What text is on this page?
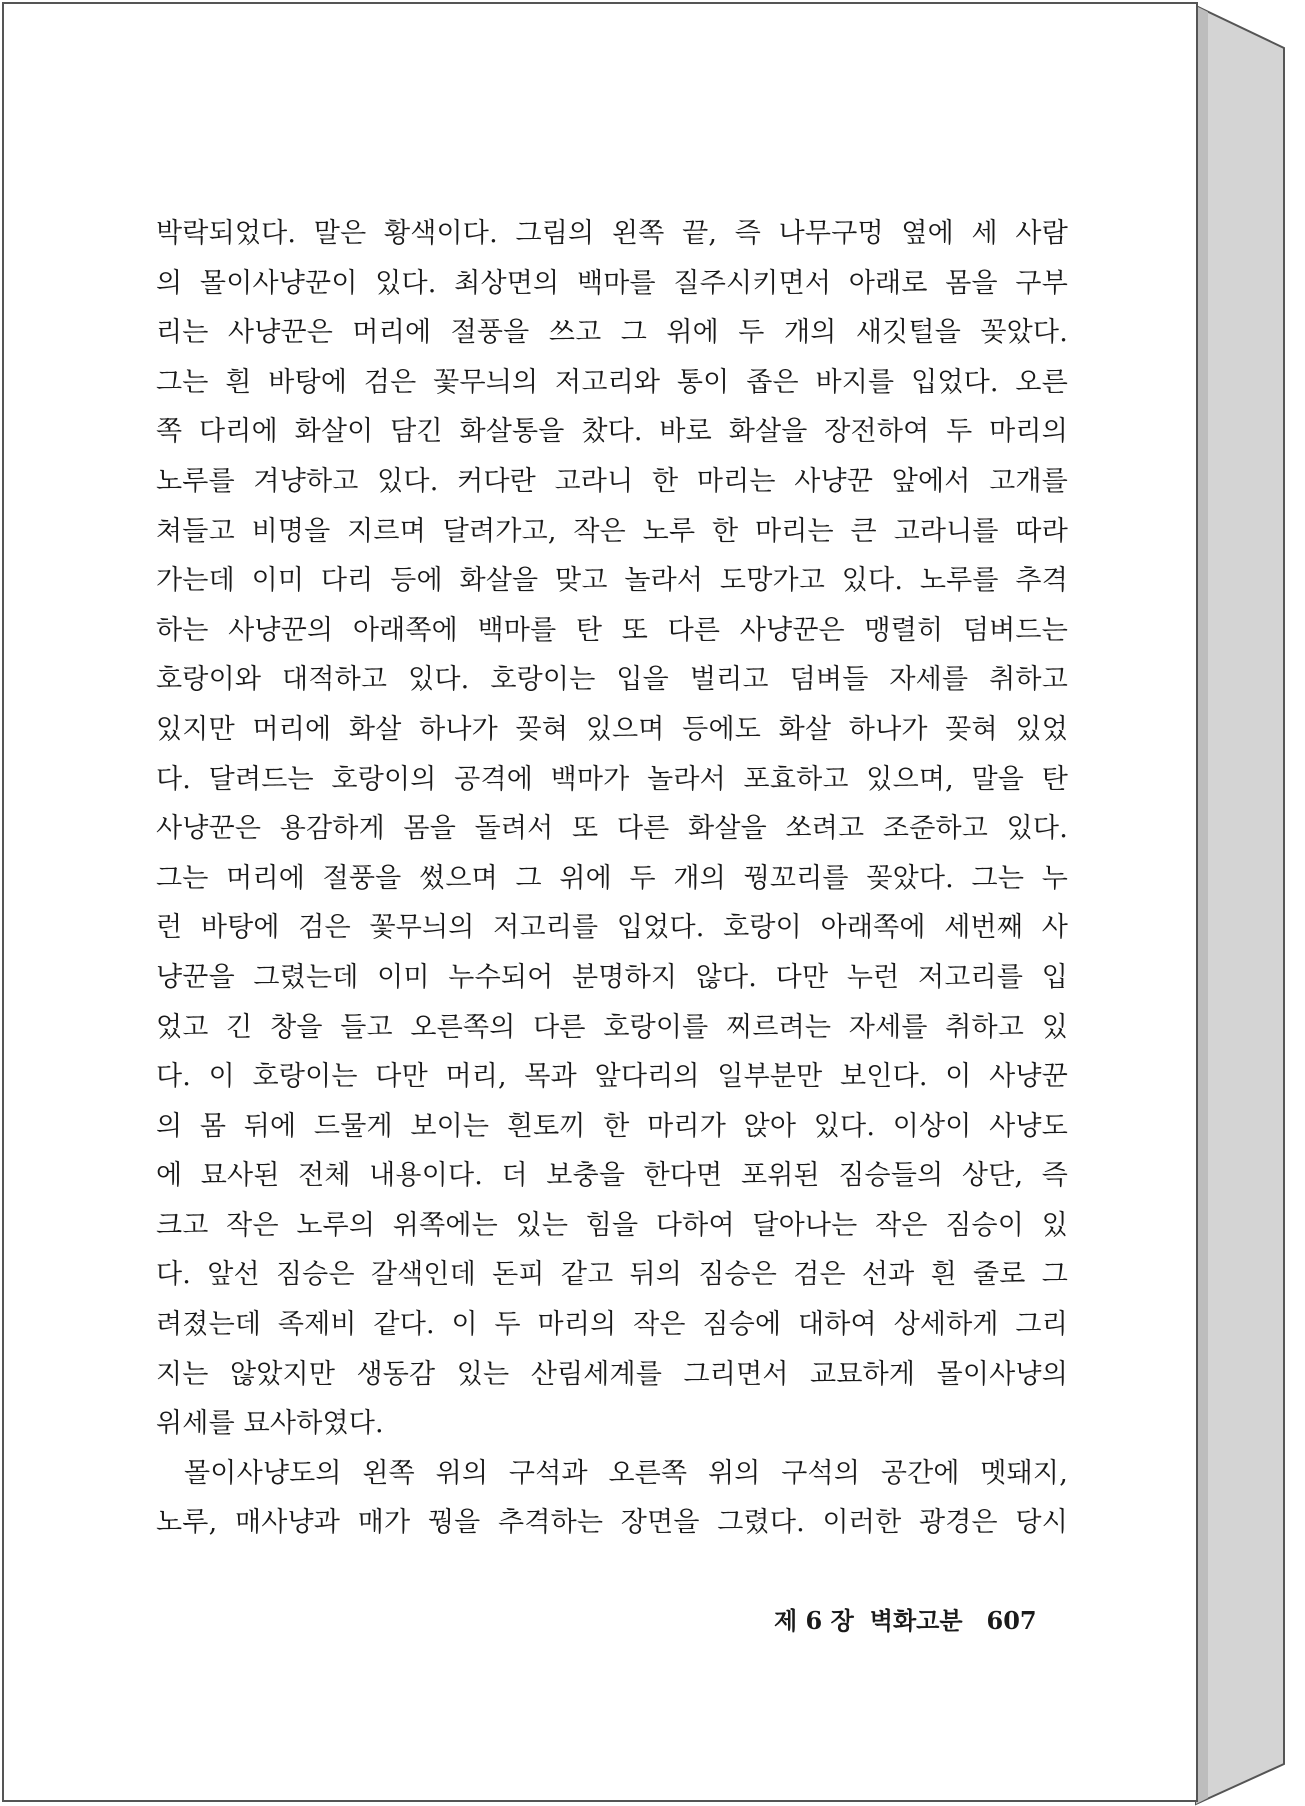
박락되었다. 말은 황색이다. 그림의 왼쪽 끝, 즉 나무구멍 옆에 세 사람
의 몰이사냥꾼이 있다. 최상면의 백마를 질주시키면서 아래로 몸을 구부
리는 사냥꾼은 머리에 절풍을 쓰고 그 위에 두 개의 새깃털을 꽂았다.
그는 흰 바탕에 검은 꽃무늬의 저고리와 통이 좁은 바지를 입었다. 오른
쪽 다리에 화살이 담긴 화살통을 찼다. 바로 화살을 장전하여 두 마리의
노루를 겨냥하고 있다. 커다란 고라니 한 마리는 사냥꾼 앞에서 고개를
쳐들고 비명을 지르며 달려가고, 작은 노루 한 마리는 큰 고라니를 따라
가는데 이미 다리 등에 화살을 맞고 놀라서 도망가고 있다. 노루를 추격
하는 사냥꾼의 아래쪽에 백마를 탄 또 다른 사냥꾼은 맹렬히 덤벼드는
호랑이와 대적하고 있다. 호랑이는 입을 벌리고 덤벼들 자세를 취하고
있지만 머리에 화살 하나가 꽂혀 있으며 등에도 화살 하나가 꽂혀 있었
다. 달려드는 호랑이의 공격에 백마가 놀라서 포효하고 있으며, 말을 탄
사냥꾼은 용감하게 몸을 돌려서 또 다른 화살을 쏘려고 조준하고 있다.
그는 머리에 절풍을 썼으며 그 위에 두 개의 꿩꼬리를 꽂았다. 그는 누
런 바탕에 검은 꽃무늬의 저고리를 입었다. 호랑이 아래쪽에 세번째 사
냥꾼을 그렸는데 이미 누수되어 분명하지 않다. 다만 누런 저고리를 입
었고 긴 창을 들고 오른쪽의 다른 호랑이를 찌르려는 자세를 취하고 있
다. 이 호랑이는 다만 머리, 목과 앞다리의 일부분만 보인다. 이 사냥꾼
의 몸 뒤에 드물게 보이는 흰토끼 한 마리가 앉아 있다. 이상이 사냥도
에 묘사된 전체 내용이다. 더 보충을 한다면 포위된 짐승들의 상단, 즉
크고 작은 노루의 위쪽에는 있는 힘을 다하여 달아나는 작은 짐승이 있
다. 앞선 짐승은 갈색인데 돈피 같고 뒤의 짐승은 검은 선과 흰 줄로 그
려졌는데 족제비 같다. 이 두 마리의 작은 짐승에 대하여 상세하게 그리
지는 않았지만 생동감 있는 산림세계를 그리면서 교묘하게 몰이사냥의
위세를 묘사하였다.
몰이사냥도의 왼쪽 위의 구석과 오른쪽 위의 구석의 공간에 멧돼지,
노루, 매사냥과 매가 꿩을 추격하는 장면을 그렸다. 이러한 광경은 당시
제 6 장 벽화고분 607
